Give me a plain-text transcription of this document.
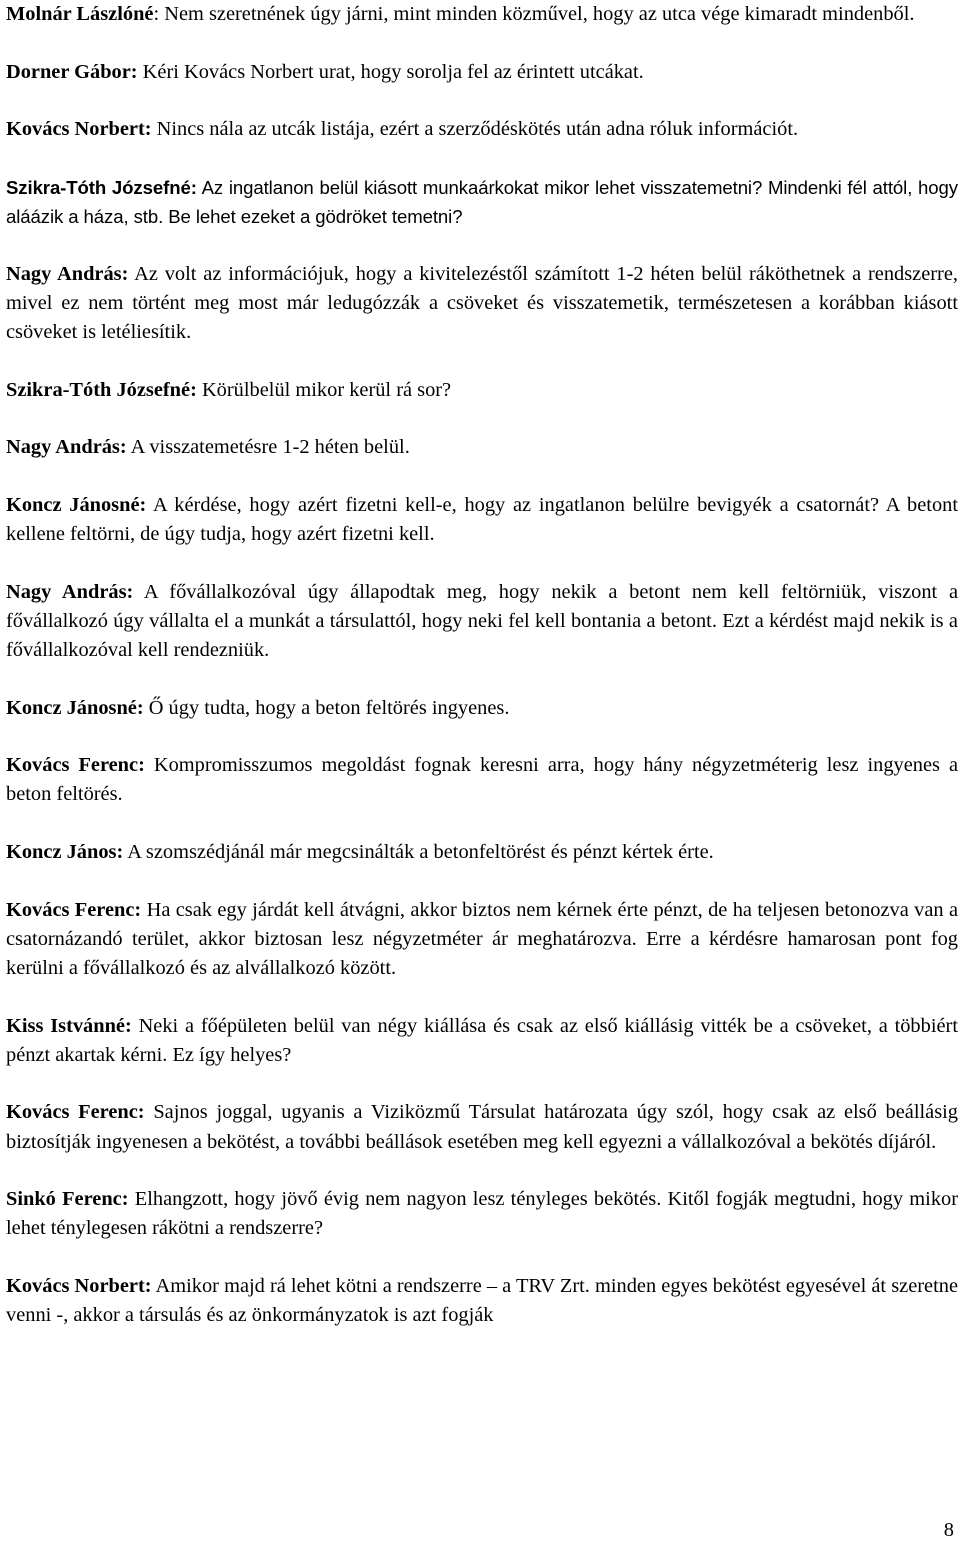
Molnár Lászlóné: Nem szeretnének úgy járni, mint minden közművel, hogy az utca vége kimaradt mindenből.

Dorner Gábor: Kéri Kovács Norbert urat, hogy sorolja fel az érintett utcákat.

Kovács Norbert: Nincs nála az utcák listája, ezért a szerződéskötés után adna róluk információt.

Szikra-Tóth Józsefné: Az ingatlanon belül kiásott munkaárkokat mikor lehet visszatemetni? Mindenki fél attól, hogy aláázik a háza, stb. Be lehet ezeket a gödröket temetni?

Nagy András: Az volt az információjuk, hogy a kivitelezéstől számított 1-2 héten belül ráköthetnek a rendszerre, mivel ez nem történt meg most már ledugózzák a csöveket és visszatemetik, természetesen a korábban kiásott csöveket is letéliesítik.

Szikra-Tóth Józsefné: Körülbelül mikor kerül rá sor?

Nagy András: A visszatemetésre 1-2 héten belül.

Koncz Jánosné: A kérdése, hogy azért fizetni kell-e, hogy az ingatlanon belülre bevigyék a csatornát? A betont kellene feltörni, de úgy tudja, hogy azért fizetni kell.

Nagy András: A fővállalkozóval úgy állapodtak meg, hogy nekik a betont nem kell feltörniük, viszont a fővállalkozó úgy vállalta el a munkát a társulattól, hogy neki fel kell bontania a betont. Ezt a kérdést majd nekik is a fővállalkozóval kell rendezniük.

Koncz Jánosné: Ő úgy tudta, hogy a beton feltörés ingyenes.

Kovács Ferenc: Kompromisszumos megoldást fognak keresni arra, hogy hány négyzetméterig lesz ingyenes a beton feltörés.

Koncz János: A szomszédjánál már megcsinálták a betonfeltörést és pénzt kértek érte.

Kovács Ferenc: Ha csak egy járdát kell átvágni, akkor biztos nem kérnek érte pénzt, de ha teljesen betonozva van a csatornázandó terület, akkor biztosan lesz négyzetméter ár meghatározva. Erre a kérdésre hamarosan pont fog kerülni a fővállalkozó és az alvállalkozó között.

Kiss Istvánné: Neki a főépületen belül van négy kiállása és csak az első kiállásig vitték be a csöveket, a többiért pénzt akartak kérni. Ez így helyes?

Kovács Ferenc: Sajnos joggal, ugyanis a Viziközmű Társulat határozata úgy szól, hogy csak az első beállásig biztosítják ingyenesen a bekötést, a további beállások esetében meg kell egyezni a vállalkozóval a bekötés díjáról.

Sinkó Ferenc: Elhangzott, hogy jövő évig nem nagyon lesz tényleges bekötés. Kitől fogják megtudni, hogy mikor lehet ténylegesen rákötni a rendszerre?

Kovács Norbert: Amikor majd rá lehet kötni a rendszerre – a TRV Zrt. minden egyes bekötést egyesével át szeretne venni -, akkor a társulás és az önkormányzatok is azt fogják

8
